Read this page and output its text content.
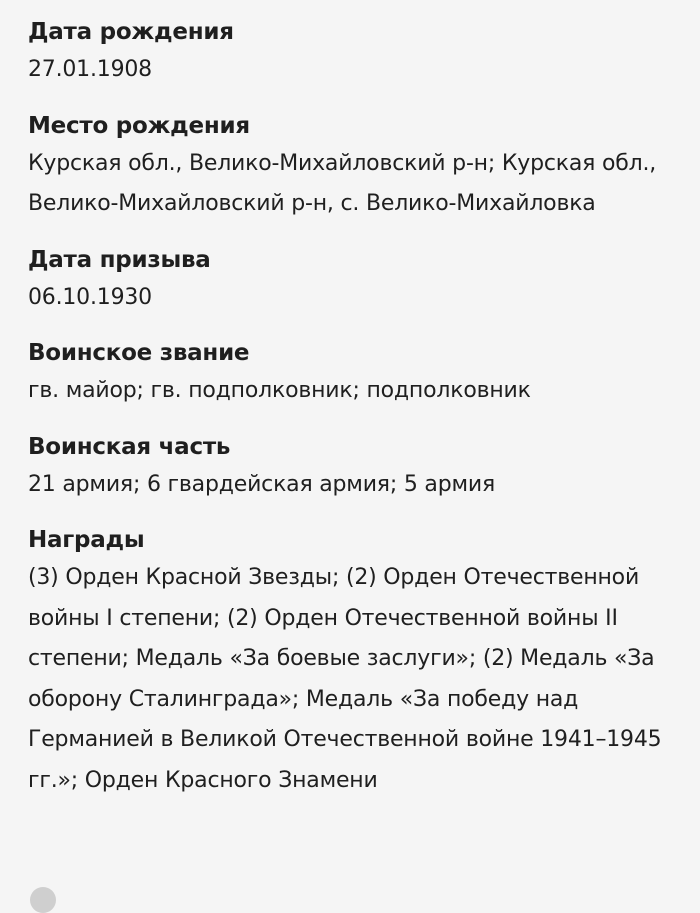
Дата рождения
27.01.1908
Место рождения
Курская обл., Велико-Михайловский р-н; Курская обл., Велико-Михайловский р-н, с. Велико-Михайловка
Дата призыва
06.10.1930
Воинское звание
гв. майор; гв. подполковник; подполковник
Воинская часть
21 армия; 6 гвардейская армия; 5 армия
Награды
(3) Орден Красной Звезды; (2) Орден Отечественной войны I степени; (2) Орден Отечественной войны II степени; Медаль «За боевые заслуги»; (2) Медаль «За оборону Сталинграда»; Медаль «За победу над Германией в Великой Отечественной войне 1941–1945 гг.»; Орден Красного Знамени
